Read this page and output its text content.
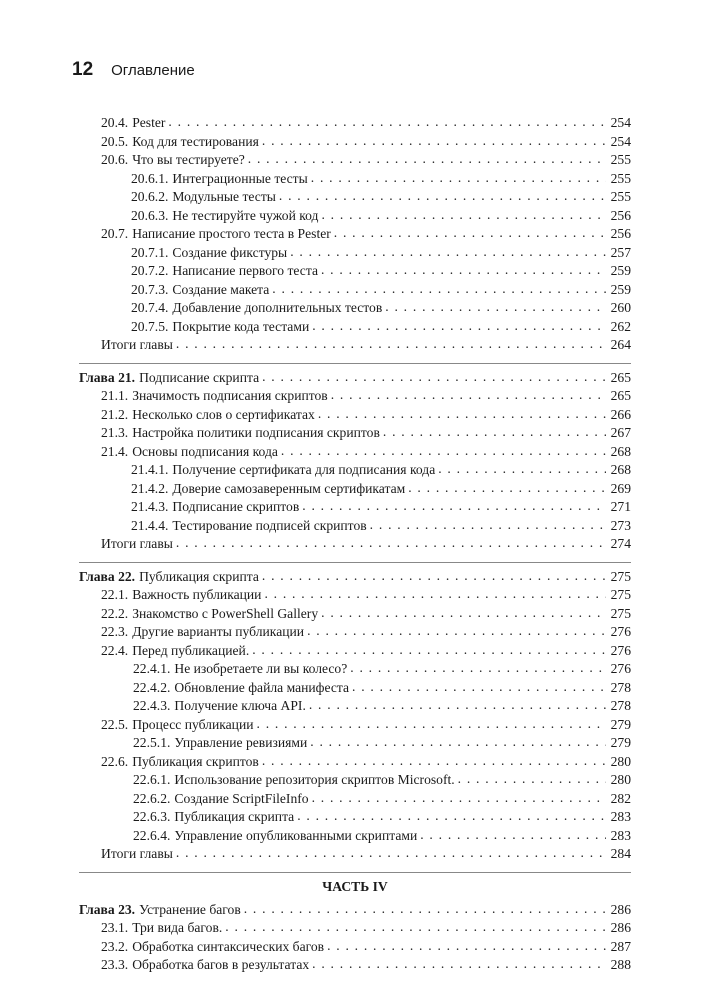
12 Оглавление
20.4. Pester . . .	254
20.5. Код для тестирования . . .	254
20.6. Что вы тестируете? . . .	255
20.6.1. Интеграционные тесты . . .	255
20.6.2. Модульные тесты . . .	255
20.6.3. Не тестируйте чужой код . . .	256
20.7. Написание простого теста в Pester . . .	256
20.7.1. Создание фикстуры . . .	257
20.7.2. Написание первого теста . . .	259
20.7.3. Создание макета . . .	259
20.7.4. Добавление дополнительных тестов . . .	260
20.7.5. Покрытие кода тестами . . .	262
Итоги главы . . .	264
Глава 21. Подписание скрипта . . .	265
21.1. Значимость подписания скриптов . . .	265
21.2. Несколько слов о сертификатах . . .	266
21.3. Настройка политики подписания скриптов . . .	267
21.4. Основы подписания кода . . .	268
21.4.1. Получение сертификата для подписания кода . . .	268
21.4.2. Доверие самозаверенным сертификатам . . .	269
21.4.3. Подписание скриптов . . .	271
21.4.4. Тестирование подписей скриптов . . .	273
Итоги главы . . .	274
Глава 22. Публикация скрипта . . .	275
22.1. Важность публикации . . .	275
22.2. Знакомство с PowerShell Gallery . . .	275
22.3. Другие варианты публикации . . .	276
22.4. Перед публикацией. . . .	276
22.4.1. Не изобретаете ли вы колесо? . . .	276
22.4.2. Обновление файла манифеста . . .	278
22.4.3. Получение ключа API. . . .	278
22.5. Процесс публикации . . .	279
22.5.1. Управление ревизиями . . .	279
22.6. Публикация скриптов . . .	280
22.6.1. Использование репозитория скриптов Microsoft. . . .	280
22.6.2. Создание ScriptFileInfo . . .	282
22.6.3. Публикация скрипта . . .	283
22.6.4. Управление опубликованными скриптами . . .	283
Итоги главы . . .	284
ЧАСТЬ IV
Глава 23. Устранение багов . . .	286
23.1. Три вида багов. . . .	286
23.2. Обработка синтаксических багов . . .	287
23.3. Обработка багов в результатах . . .	288
